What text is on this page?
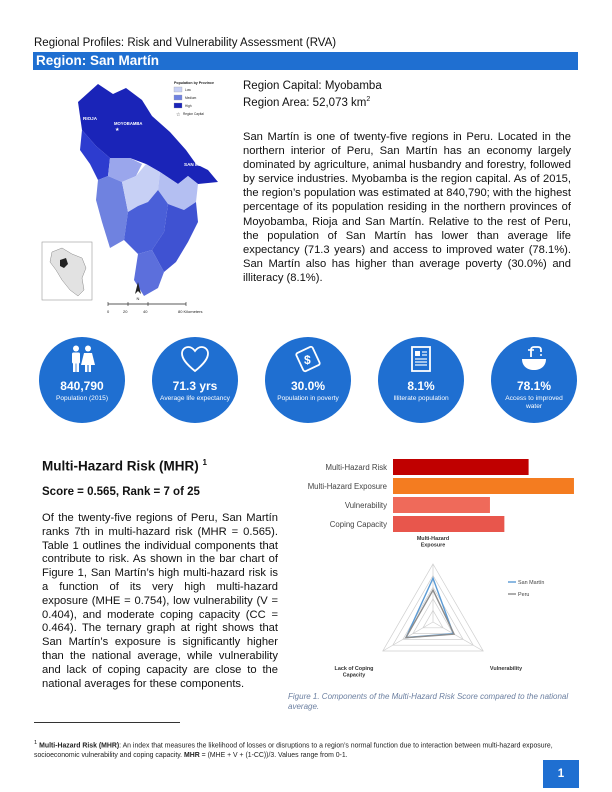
Regional Profiles: Risk and Vulnerability Assessment (RVA)
Region: San Martín
Population by Province
Low
Medium
High
☆ Region Capital
RIOJA
MOYOBAMBA
★
SAN MARTÍN
N
0	20	40	80 Kilometers
Region Capital: Myobamba
Region Area: 52,073 $km^2$

San Martín is one of twenty-five regions in Peru. Located in the northern interior of Peru, San Martín has an economy largely dominated by agriculture, animal husbandry and forestry, followed by service industries. Myobamba is the region capital. As of 2015, the region’s population was estimated at 840,790; with the highest percentage of its population residing in the northern provinces of Moyobamba, Rioja and San Martín. Relative to the rest of Peru, the population of San Martín has lower than average life expectancy (71.3 years) and access to improved water (78.1%). San Martín also has higher than average poverty (30.0%) and illiteracy (8.1%).

840,790
Population (2015)
71.3 yrs
Average life expectancy
$
30.0%
Population in poverty
8.1%
Illiterate population
78.1%
Access to improved water
Multi-Hazard Risk (MHR) $^1$
Score = 0.565, Rank = 7 of 25

Of the twenty-five regions of Peru, San Martín ranks 7th in multi-hazard risk (MHR = 0.565). Table 1 outlines the individual components that contribute to risk. As shown in the bar chart of Figure 1, San Martín’s high multi-hazard risk is a function of its very high multi-hazard exposure (MHE = 0.754), low vulnerability (V = 0.404), and moderate coping capacity (CC = 0.464). The ternary graph at right shows that San Martín’s exposure is significantly higher than the national average, while vulnerability and lack of coping capacity are close to the national averages for these components.

Multi-Hazard Risk
Multi-Hazard Exposure
Vulnerability
Coping Capacity
Multi-Hazard Exposure
Vulnerability
Lack of Coping Capacity
San Martín
Peru
Figure 1. Components of the Multi-Hazard Risk Score compared to the national average.
$^1$ Multi-Hazard Risk (MHR): An index that measures the likelihood of losses or disruptions to a region’s normal function due to interaction between multi-hazard exposure, socioeconomic vulnerability and coping capacity. MHR = (MHE + V + (1-CC))/3. Values range from 0-1.
1
